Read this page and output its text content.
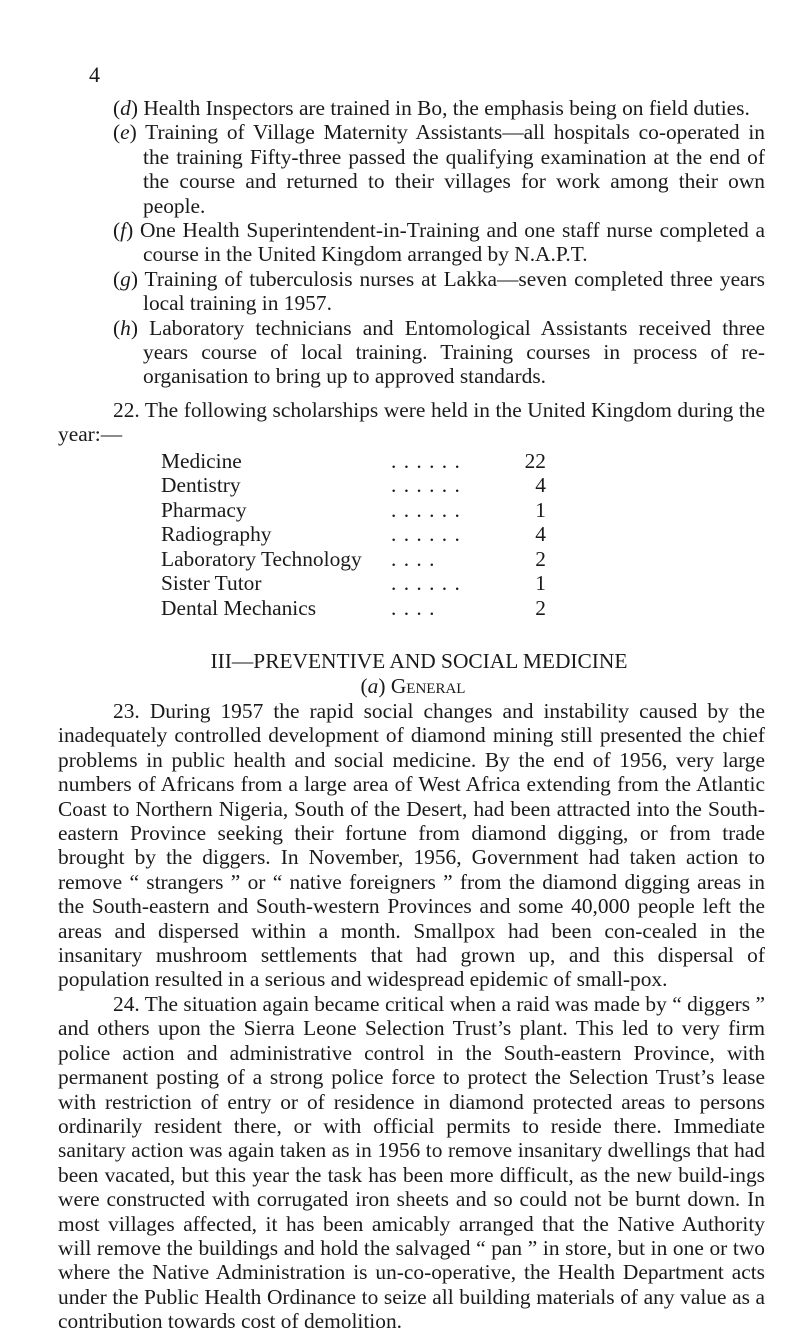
4
(d) Health Inspectors are trained in Bo, the emphasis being on field duties.
(e) Training of Village Maternity Assistants—all hospitals co-operated in the training Fifty-three passed the qualifying examination at the end of the course and returned to their villages for work among their own people.
(f) One Health Superintendent-in-Training and one staff nurse completed a course in the United Kingdom arranged by N.A.P.T.
(g) Training of tuberculosis nurses at Lakka—seven completed three years local training in 1957.
(h) Laboratory technicians and Entomological Assistants received three years course of local training. Training courses in process of re-organisation to bring up to approved standards.
22. The following scholarships were held in the United Kingdom during the year:—
Medicine	. . . . . .	22
Dentistry	. . . . . .	4
Pharmacy	. . . . . .	1
Radiography	. . . . . .	4
Laboratory Technology	. . . .	2
Sister Tutor	. . . . . .	1
Dental Mechanics	. . . .	2
III—PREVENTIVE AND SOCIAL MEDICINE
(a) General
23. During 1957 the rapid social changes and instability caused by the inadequately controlled development of diamond mining still presented the chief problems in public health and social medicine. By the end of 1956, very large numbers of Africans from a large area of West Africa extending from the Atlantic Coast to Northern Nigeria, South of the Desert, had been attracted into the South-eastern Province seeking their fortune from diamond digging, or from trade brought by the diggers. In November, 1956, Government had taken action to remove “ strangers ” or “ native foreigners ” from the diamond digging areas in the South-eastern and South-western Provinces and some 40,000 people left the areas and dispersed within a month. Smallpox had been con-cealed in the insanitary mushroom settlements that had grown up, and this dispersal of population resulted in a serious and widespread epidemic of small-pox.
24. The situation again became critical when a raid was made by “ diggers ” and others upon the Sierra Leone Selection Trust’s plant. This led to very firm police action and administrative control in the South-eastern Province, with permanent posting of a strong police force to protect the Selection Trust’s lease with restriction of entry or of residence in diamond protected areas to persons ordinarily resident there, or with official permits to reside there. Immediate sanitary action was again taken as in 1956 to remove insanitary dwellings that had been vacated, but this year the task has been more difficult, as the new build-ings were constructed with corrugated iron sheets and so could not be burnt down. In most villages affected, it has been amicably arranged that the Native Authority will remove the buildings and hold the salvaged “ pan ” in store, but in one or two where the Native Administration is un-co-operative, the Health Department acts under the Public Health Ordinance to seize all building materials of any value as a contribution towards cost of demolition.
